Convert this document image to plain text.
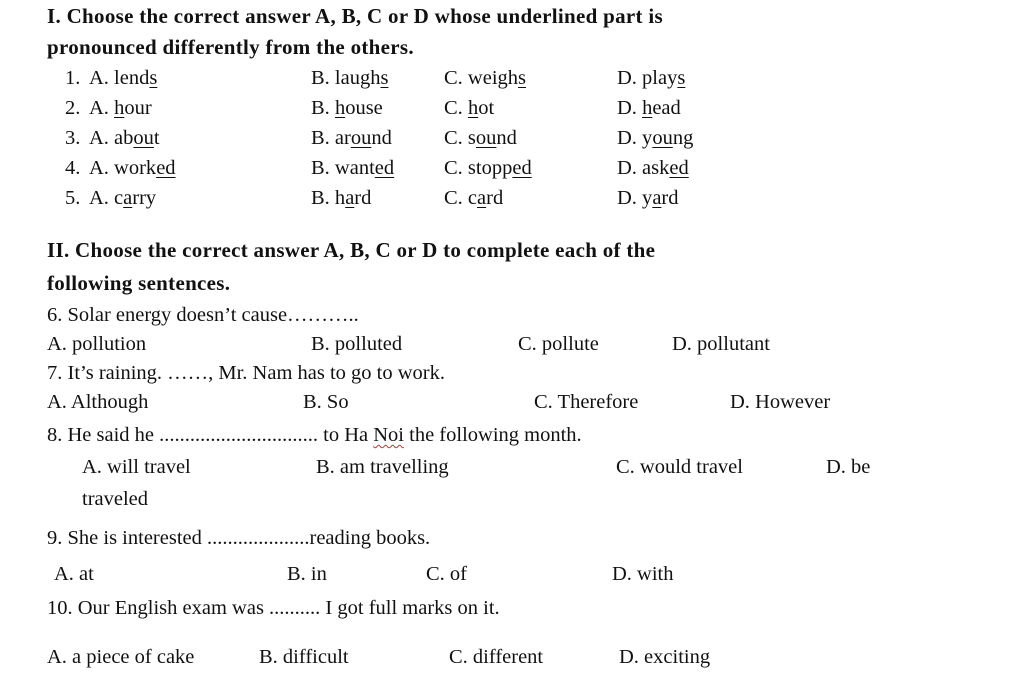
I. Choose the correct answer A, B, C or D whose underlined part is
pronounced differently from the others.
1. A. lends	B. laughs	C. weighs	D. plays
2. A. hour	B. house	C. hot	D. head
3. A. about	B. around	C. sound	D. young
4. A. worked	B. wanted C. stopped	D. asked
5. A. carry	B. hard	C. card	D. yard
II. Choose the correct answer A, B, C or D to complete each of the
following sentences.
6. Solar energy doesn’t cause………..
A. pollution	B. polluted	C. pollute	D. pollutant
7. It’s raining. ……, Mr. Nam has to go to work.
A. Although	B. So	C. Therefore	D. However
8. He said he ............................... to Ha Noi the following month.
A. will travel	B. am travelling	C. would travel	D. be
traveled
9. She is interested ....................reading books.
A. at	B. in	C. of	D. with
10. Our English exam was .......... I got full marks on it.
A. a piece of cake	B. difficult	C. different	D. exciting
